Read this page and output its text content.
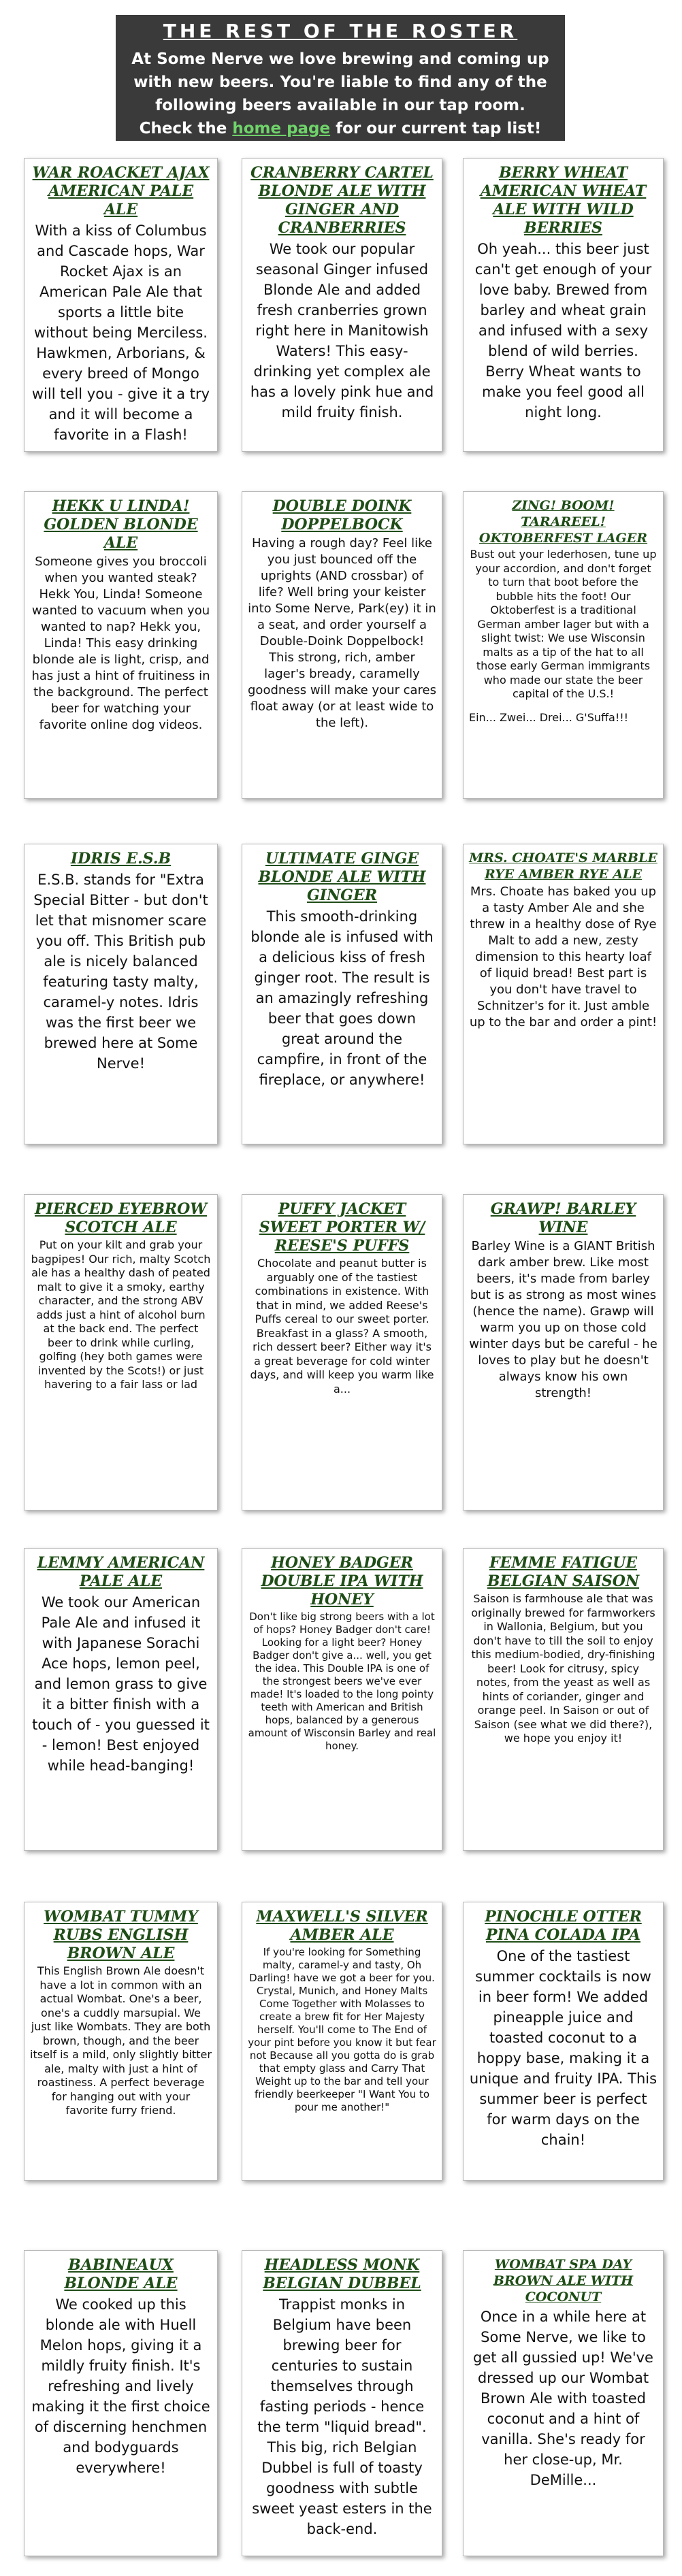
THE REST OF THE ROSTER

At Some Nerve we love brewing and coming up

with new beers. You're liable to find any of the

following beers available in our tap room.

Check the home page for our current tap list!

WAR ROACKET AJAX AMERICAN PALE ALE

With a kiss of Columbus and Cascade hops, War Rocket Ajax is an American Pale Ale that sports a little bite without being Merciless. Hawkmen, Arborians, & every breed of Mongo will tell you - give it a try and it will become a favorite in a Flash!

CRANBERRY CARTEL BLONDE ALE WITH GINGER AND CRANBERRIES

We took our popular seasonal Ginger infused Blonde Ale and added fresh cranberries grown right here in Manitowish Waters! This easy-drinking yet complex ale has a lovely pink hue and mild fruity finish.

BERRY WHEAT AMERICAN WHEAT ALE WITH WILD BERRIES

Oh yeah... this beer just can't get enough of your love baby. Brewed from barley and wheat grain and infused with a sexy blend of wild berries. Berry Wheat wants to make you feel good all night long.

HEKK U LINDA! GOLDEN BLONDE ALE

Someone gives you broccoli when you wanted steak? Hekk You, Linda! Someone wanted to vacuum when you wanted to nap? Hekk you, Linda! This easy drinking blonde ale is light, crisp, and has just a hint of fruitiness in the background. The perfect beer for watching your favorite online dog videos.

DOUBLE DOINK DOPPELBOCK

Having a rough day? Feel like you just bounced off the uprights (AND crossbar) of life? Well bring your keister into Some Nerve, Park(ey) it in a seat, and order yourself a Double-Doink Doppelbock! This strong, rich, amber lager's bready, caramelly goodness will make your cares float away (or at least wide to the left).

ZING! BOOM! TARAREEL! OKTOBERFEST LAGER

Bust out your lederhosen, tune up your accordion, and don't forget to turn that boot before the bubble hits the foot! Our Oktoberfest is a traditional German amber lager but with a slight twist: We use Wisconsin malts as a tip of the hat to all those early German immigrants who made our state the beer capital of the U.S.!

Ein... Zwei... Drei... G'Suffa!!!

IDRIS E.S.B

E.S.B. stands for "Extra Special Bitter - but don't let that misnomer scare you off. This British pub ale is nicely balanced featuring tasty malty, caramel-y notes. Idris was the first beer we brewed here at Some Nerve!

ULTIMATE GINGE BLONDE ALE WITH GINGER

This smooth-drinking blonde ale is infused with a delicious kiss of fresh ginger root. The result is an amazingly refreshing beer that goes down great around the campfire, in front of the fireplace, or anywhere!

MRS. CHOATE'S MARBLE RYE AMBER RYE ALE

Mrs. Choate has baked you up a tasty Amber Ale and she threw in a healthy dose of Rye Malt to add a new, zesty dimension to this hearty loaf of liquid bread! Best part is you don't have travel to Schnitzer's for it. Just amble up to the bar and order a pint!

PIERCED EYEBROW SCOTCH ALE

Put on your kilt and grab your bagpipes! Our rich, malty Scotch ale has a healthy dash of peated malt to give it a smoky, earthy character, and the strong ABV adds just a hint of alcohol burn at the back end. The perfect beer to drink while curling, golfing (hey both games were invented by the Scots!) or just havering to a fair lass or lad

PUFFY JACKET SWEET PORTER W/ REESE'S PUFFS

Chocolate and peanut butter is arguably one of the tastiest combinations in existence. With that in mind, we added Reese's Puffs cereal to our sweet porter. Breakfast in a glass? A smooth, rich dessert beer? Either way it's a great beverage for cold winter days, and will keep you warm like a...

GRAWP! BARLEY WINE

Barley Wine is a GIANT British dark amber brew. Like most beers, it's made from barley but is as strong as most wines (hence the name). Grawp will warm you up on those cold winter days but be careful - he loves to play but he doesn't always know his own strength!

LEMMY AMERICAN PALE ALE

We took our American Pale Ale and infused it with Japanese Sorachi Ace hops, lemon peel, and lemon grass to give it a bitter finish with a touch of - you guessed it - lemon! Best enjoyed while head-banging!

HONEY BADGER DOUBLE IPA WITH HONEY

Don't like big strong beers with a lot of hops? Honey Badger don't care! Looking for a light beer? Honey Badger don't give a... well, you get the idea. This Double IPA is one of the strongest beers we've ever made! It's loaded to the long pointy teeth with American and British hops, balanced by a generous amount of Wisconsin Barley and real honey.

FEMME FATIGUE BELGIAN SAISON

Saison is farmhouse ale that was originally brewed for farmworkers in Wallonia, Belgium, but you don't have to till the soil to enjoy this medium-bodied, dry-finishing beer! Look for citrusy, spicy notes, from the yeast as well as hints of coriander, ginger and orange peel. In Saison or out of Saison (see what we did there?), we hope you enjoy it!

WOMBAT TUMMY RUBS ENGLISH BROWN ALE

This English Brown Ale doesn't have a lot in common with an actual Wombat. One's a beer, one's a cuddly marsupial. We just like Wombats. They are both brown, though, and the beer itself is a mild, only slightly bitter ale, malty with just a hint of roastiness. A perfect beverage for hanging out with your favorite furry friend.

MAXWELL'S SILVER AMBER ALE

If you're looking for Something malty, caramel-y and tasty, Oh Darling! have we got a beer for you. Crystal, Munich, and Honey Malts Come Together with Molasses to create a brew fit for Her Majesty herself. You'll come to The End of your pint before you know it but fear not Because all you gotta do is grab that empty glass and Carry That Weight up to the bar and tell your friendly beerkeeper "I Want You to pour me another!"

PINOCHLE OTTER PINA COLADA IPA

One of the tastiest summer cocktails is now in beer form! We added pineapple juice and toasted coconut to a hoppy base, making it a unique and fruity IPA. This summer beer is perfect for warm days on the chain!

BABINEAUX BLONDE ALE

We cooked up this blonde ale with Huell Melon hops, giving it a mildly fruity finish. It's refreshing and lively making it the first choice of discerning henchmen and bodyguards everywhere!

HEADLESS MONK BELGIAN DUBBEL

Trappist monks in Belgium have been brewing beer for centuries to sustain themselves through fasting periods - hence the term "liquid bread". This big, rich Belgian Dubbel is full of toasty goodness with subtle sweet yeast esters in the back-end.

WOMBAT SPA DAY BROWN ALE WITH COCONUT

Once in a while here at Some Nerve, we like to get all gussied up! We've dressed up our Wombat Brown Ale with toasted coconut and a hint of vanilla. She's ready for her close-up, Mr. DeMille...
